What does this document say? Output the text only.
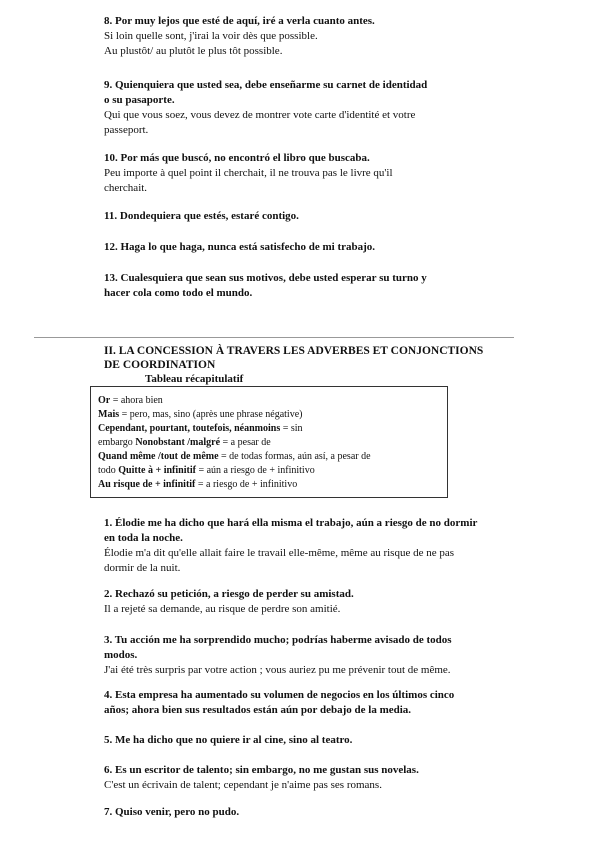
8. Por muy lejos que esté de aquí, iré a verla cuanto antes.
Si loin quelle sont, j'irai la voir dès que possible.
Au plustôt/ au plutôt le plus tôt possible.
9. Quienquiera que usted sea, debe enseñarme su carnet de identidad
o su pasaporte.
Qui que vous soez, vous devez de montrer vote carte d'identité et votre
passeport.
10. Por más que buscó, no encontró el libro que buscaba.
Peu importe à quel point il cherchait, il ne trouva pas le livre qu'il
cherchait.
11. Dondequiera que estés, estaré contigo.
12. Haga lo que haga, nunca está satisfecho de mi trabajo.
13. Cualesquiera que sean sus motivos, debe usted esperar su turno y
hacer cola como todo el mundo.
II. LA CONCESSION À TRAVERS LES ADVERBES ET CONJONCTIONS
DE COORDINATION
Tableau récapitulatif
Or = ahora bien
Mais = pero, mas, sino (après une phrase négative)
Cependant, pourtant, toutefois, néanmoins = sin
embargo Nonobstant /malgré = a pesar de
Quand même /tout de même = de todas formas, aún así, a pesar de
todo Quitte à + infinitif = aún a riesgo de + infinitivo
Au risque de + infinitif = a riesgo de + infinitivo
1. Élodie me ha dicho que hará ella misma el trabajo, aún a riesgo de no dormir
en toda la noche.
Élodie m'a dit qu'elle allait faire le travail elle-même, même au risque de ne pas
dormir de la nuit.
2. Rechazó su petición, a riesgo de perder su amistad.
Il a rejeté sa demande, au risque de perdre son amitié.
3. Tu acción me ha sorprendido mucho; podrías haberme avisado de todos
modos.
J'ai été très surpris par votre action ; vous auriez pu me prévenir tout de même.
4. Esta empresa ha aumentado su volumen de negocios en los últimos cinco
años; ahora bien sus resultados están aún por debajo de la media.
5. Me ha dicho que no quiere ir al cine, sino al teatro.
6. Es un escritor de talento; sin embargo, no me gustan sus novelas.
C'est un écrivain de talent; cependant je n'aime pas ses romans.
7. Quiso venir, pero no pudo.
